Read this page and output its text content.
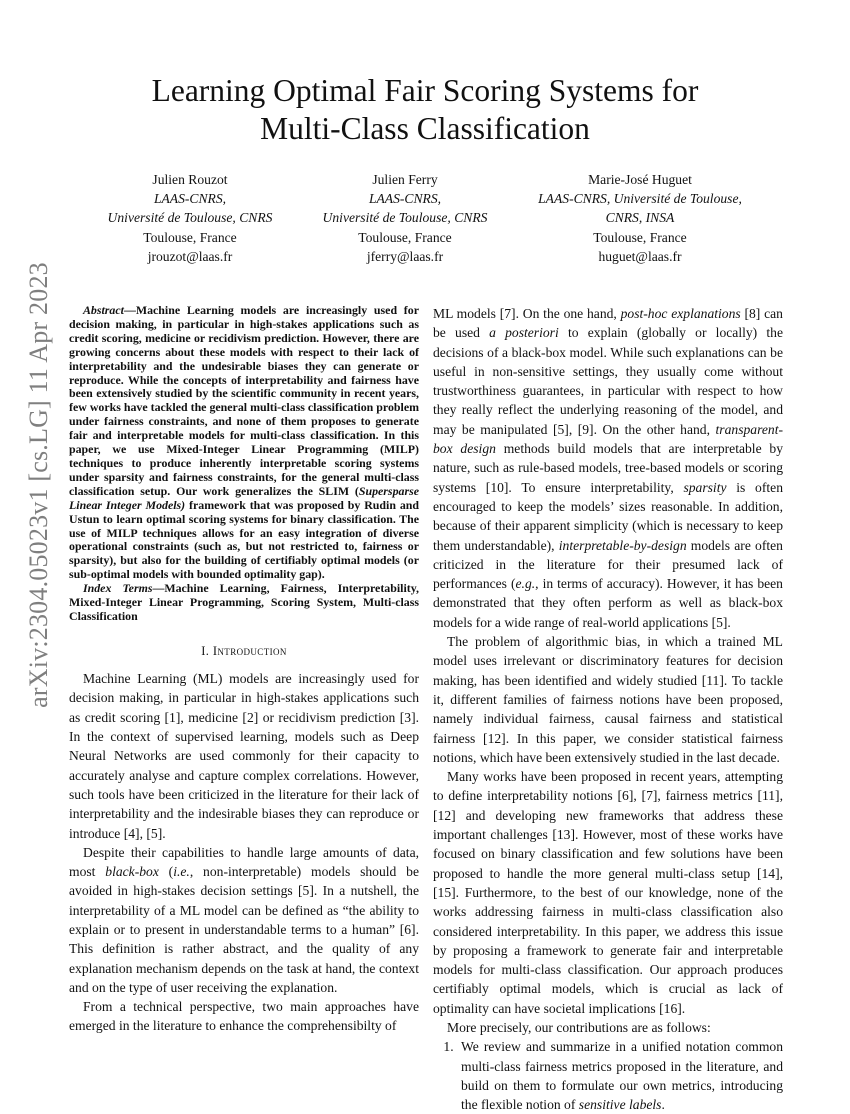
arXiv:2304.05023v1 [cs.LG] 11 Apr 2023
Learning Optimal Fair Scoring Systems for
Multi-Class Classification
Julien Rouzot
LAAS-CNRS,
Université de Toulouse, CNRS
Toulouse, France
jrouzot@laas.fr
Julien Ferry
LAAS-CNRS,
Université de Toulouse, CNRS
Toulouse, France
jferry@laas.fr
Marie-José Huguet
LAAS-CNRS, Université de Toulouse,
CNRS, INSA
Toulouse, France
huguet@laas.fr

Abstract—Machine Learning models are increasingly used for decision making, in particular in high-stakes applications such as credit scoring, medicine or recidivism prediction. However, there are growing concerns about these models with respect to their lack of interpretability and the undesirable biases they can generate or reproduce. While the concepts of interpretability and fairness have been extensively studied by the scientific community in recent years, few works have tackled the general multi-class classification problem under fairness constraints, and none of them proposes to generate fair and interpretable models for multi-class classification. In this paper, we use Mixed-Integer Linear Programming (MILP) techniques to produce inherently interpretable scoring systems under sparsity and fairness constraints, for the general multi-class classification setup. Our work generalizes the SLIM (Supersparse Linear Integer Models) framework that was proposed by Rudin and Ustun to learn optimal scoring systems for binary classification. The use of MILP techniques allows for an easy integration of diverse operational constraints (such as, but not restricted to, fairness or sparsity), but also for the building of certifiably optimal models (or sub-optimal models with bounded optimality gap).

Index Terms—Machine Learning, Fairness, Interpretability, Mixed-Integer Linear Programming, Scoring System, Multi-class Classification

I. Introduction

Machine Learning (ML) models are increasingly used for decision making, in particular in high-stakes applications such as credit scoring [1], medicine [2] or recidivism prediction [3]. In the context of supervised learning, models such as Deep Neural Networks are used commonly for their capacity to accurately analyse and capture complex correlations. However, such tools have been criticized in the literature for their lack of interpretability and the indesirable biases they can reproduce or introduce [4], [5].

Despite their capabilities to handle large amounts of data, most black-box (i.e., non-interpretable) models should be avoided in high-stakes decision settings [5]. In a nutshell, the interpretability of a ML model can be defined as “the ability to explain or to present in understandable terms to a human” [6]. This definition is rather abstract, and the quality of any explanation mechanism depends on the task at hand, the context and on the type of user receiving the explanation.

From a technical perspective, two main approaches have emerged in the literature to enhance the comprehensibilty of

ML models [7]. On the one hand, post-hoc explanations [8] can be used a posteriori to explain (globally or locally) the decisions of a black-box model. While such explanations can be useful in non-sensitive settings, they usually come without trustworthiness guarantees, in particular with respect to how they really reflect the underlying reasoning of the model, and may be manipulated [5], [9]. On the other hand, transparent-box design methods build models that are interpretable by nature, such as rule-based models, tree-based models or scoring systems [10]. To ensure interpretability, sparsity is often encouraged to keep the models’ sizes reasonable. In addition, because of their apparent simplicity (which is necessary to keep them understandable), interpretable-by-design models are often criticized in the literature for their presumed lack of performances (e.g., in terms of accuracy). However, it has been demonstrated that they often perform as well as black-box models for a wide range of real-world applications [5].

The problem of algorithmic bias, in which a trained ML model uses irrelevant or discriminatory features for decision making, has been identified and widely studied [11]. To tackle it, different families of fairness notions have been proposed, namely individual fairness, causal fairness and statistical fairness [12]. In this paper, we consider statistical fairness notions, which have been extensively studied in the last decade.

Many works have been proposed in recent years, attempting to define interpretability notions [6], [7], fairness metrics [11], [12] and developing new frameworks that address these important challenges [13]. However, most of these works have focused on binary classification and few solutions have been proposed to handle the more general multi-class setup [14], [15]. Furthermore, to the best of our knowledge, none of the works addressing fairness in multi-class classification also considered interpretability. In this paper, we address this issue by proposing a framework to generate fair and interpretable models for multi-class classification. Our approach produces certifiably optimal models, which is crucial as lack of optimality can have societal implications [16].

More precisely, our contributions are as follows:

1. We review and summarize in a unified notation common multi-class fairness metrics proposed in the literature, and build on them to formulate our own metrics, introducing the flexible notion of sensitive labels.
